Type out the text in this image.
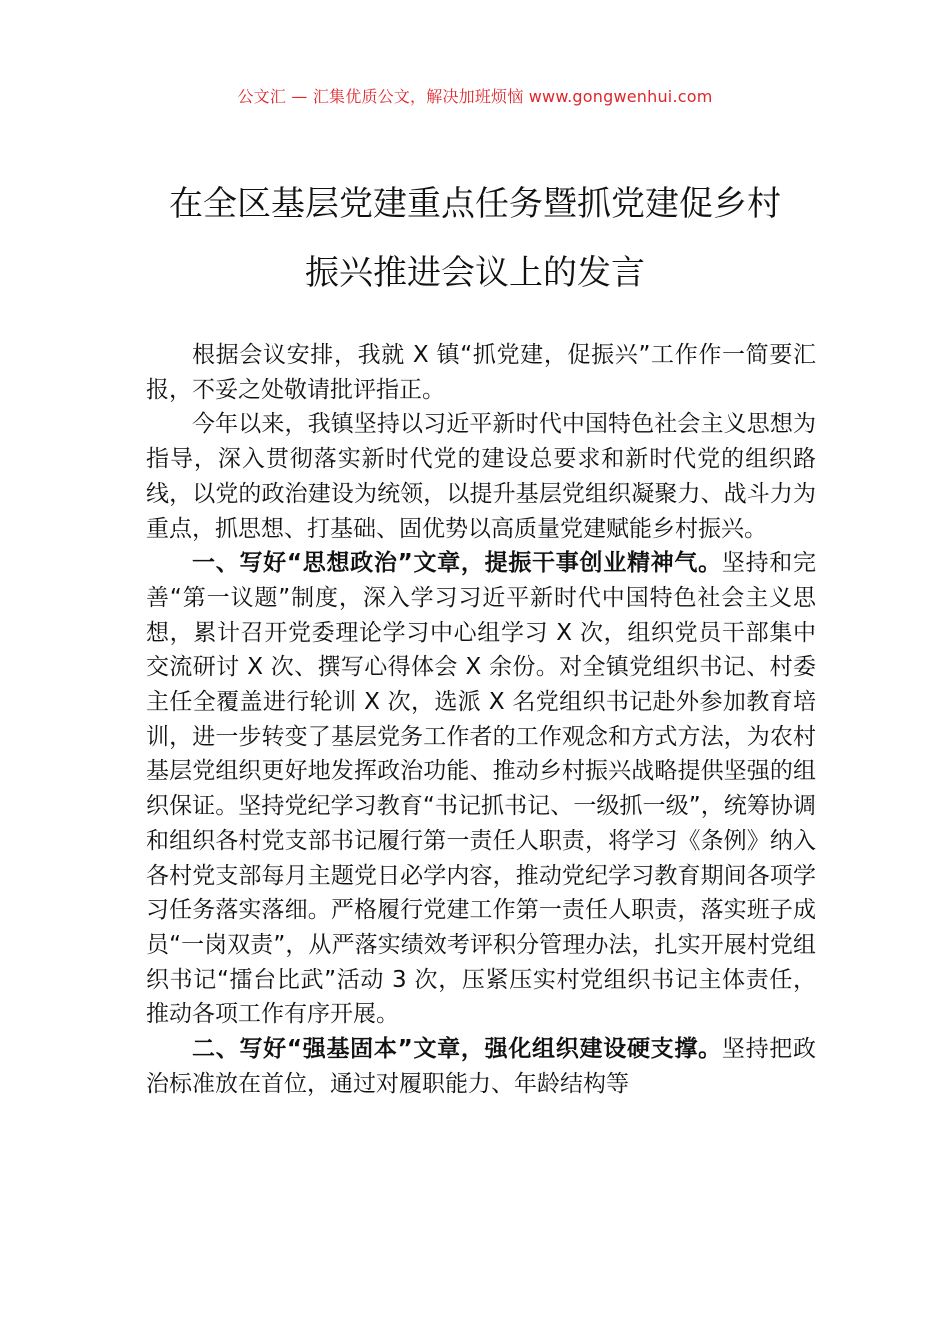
公文汇 — 汇集优质公文，解决加班烦恼 www.gongwenhui.com
在全区基层党建重点任务暨抓党建促乡村
振兴推进会议上的发言

根据会议安排，我就 X 镇“抓党建，促振兴”工作作一简要汇报，不妥之处敬请批评指正。

今年以来，我镇坚持以习近平新时代中国特色社会主义思想为指导，深入贯彻落实新时代党的建设总要求和新时代党的组织路线，以党的政治建设为统领，以提升基层党组织凝聚力、战斗力为重点，抓思想、打基础、固优势以高质量党建赋能乡村振兴。

一、写好“思想政治”文章，提振干事创业精神气。坚持和完善“第一议题”制度，深入学习习近平新时代中国特色社会主义思想，累计召开党委理论学习中心组学习 X 次，组织党员干部集中交流研讨 X 次、撰写心得体会 X 余份。对全镇党组织书记、村委主任全覆盖进行轮训 X 次，选派 X 名党组织书记赴外参加教育培训，进一步转变了基层党务工作者的工作观念和方式方法，为农村基层党组织更好地发挥政治功能、推动乡村振兴战略提供坚强的组织保证。坚持党纪学习教育“书记抓书记、一级抓一级”，统筹协调和组织各村党支部书记履行第一责任人职责，将学习《条例》纳入各村党支部每月主题党日必学内容，推动党纪学习教育期间各项学习任务落实落细。严格履行党建工作第一责任人职责，落实班子成员“一岗双责”，从严落实绩效考评积分管理办法，扎实开展村党组织书记“擂台比武”活动 3 次，压紧压实村党组织书记主体责任，推动各项工作有序开展。

二、写好“强基固本”文章，强化组织建设硬支撑。坚持把政治标准放在首位，通过对履职能力、年龄结构等
